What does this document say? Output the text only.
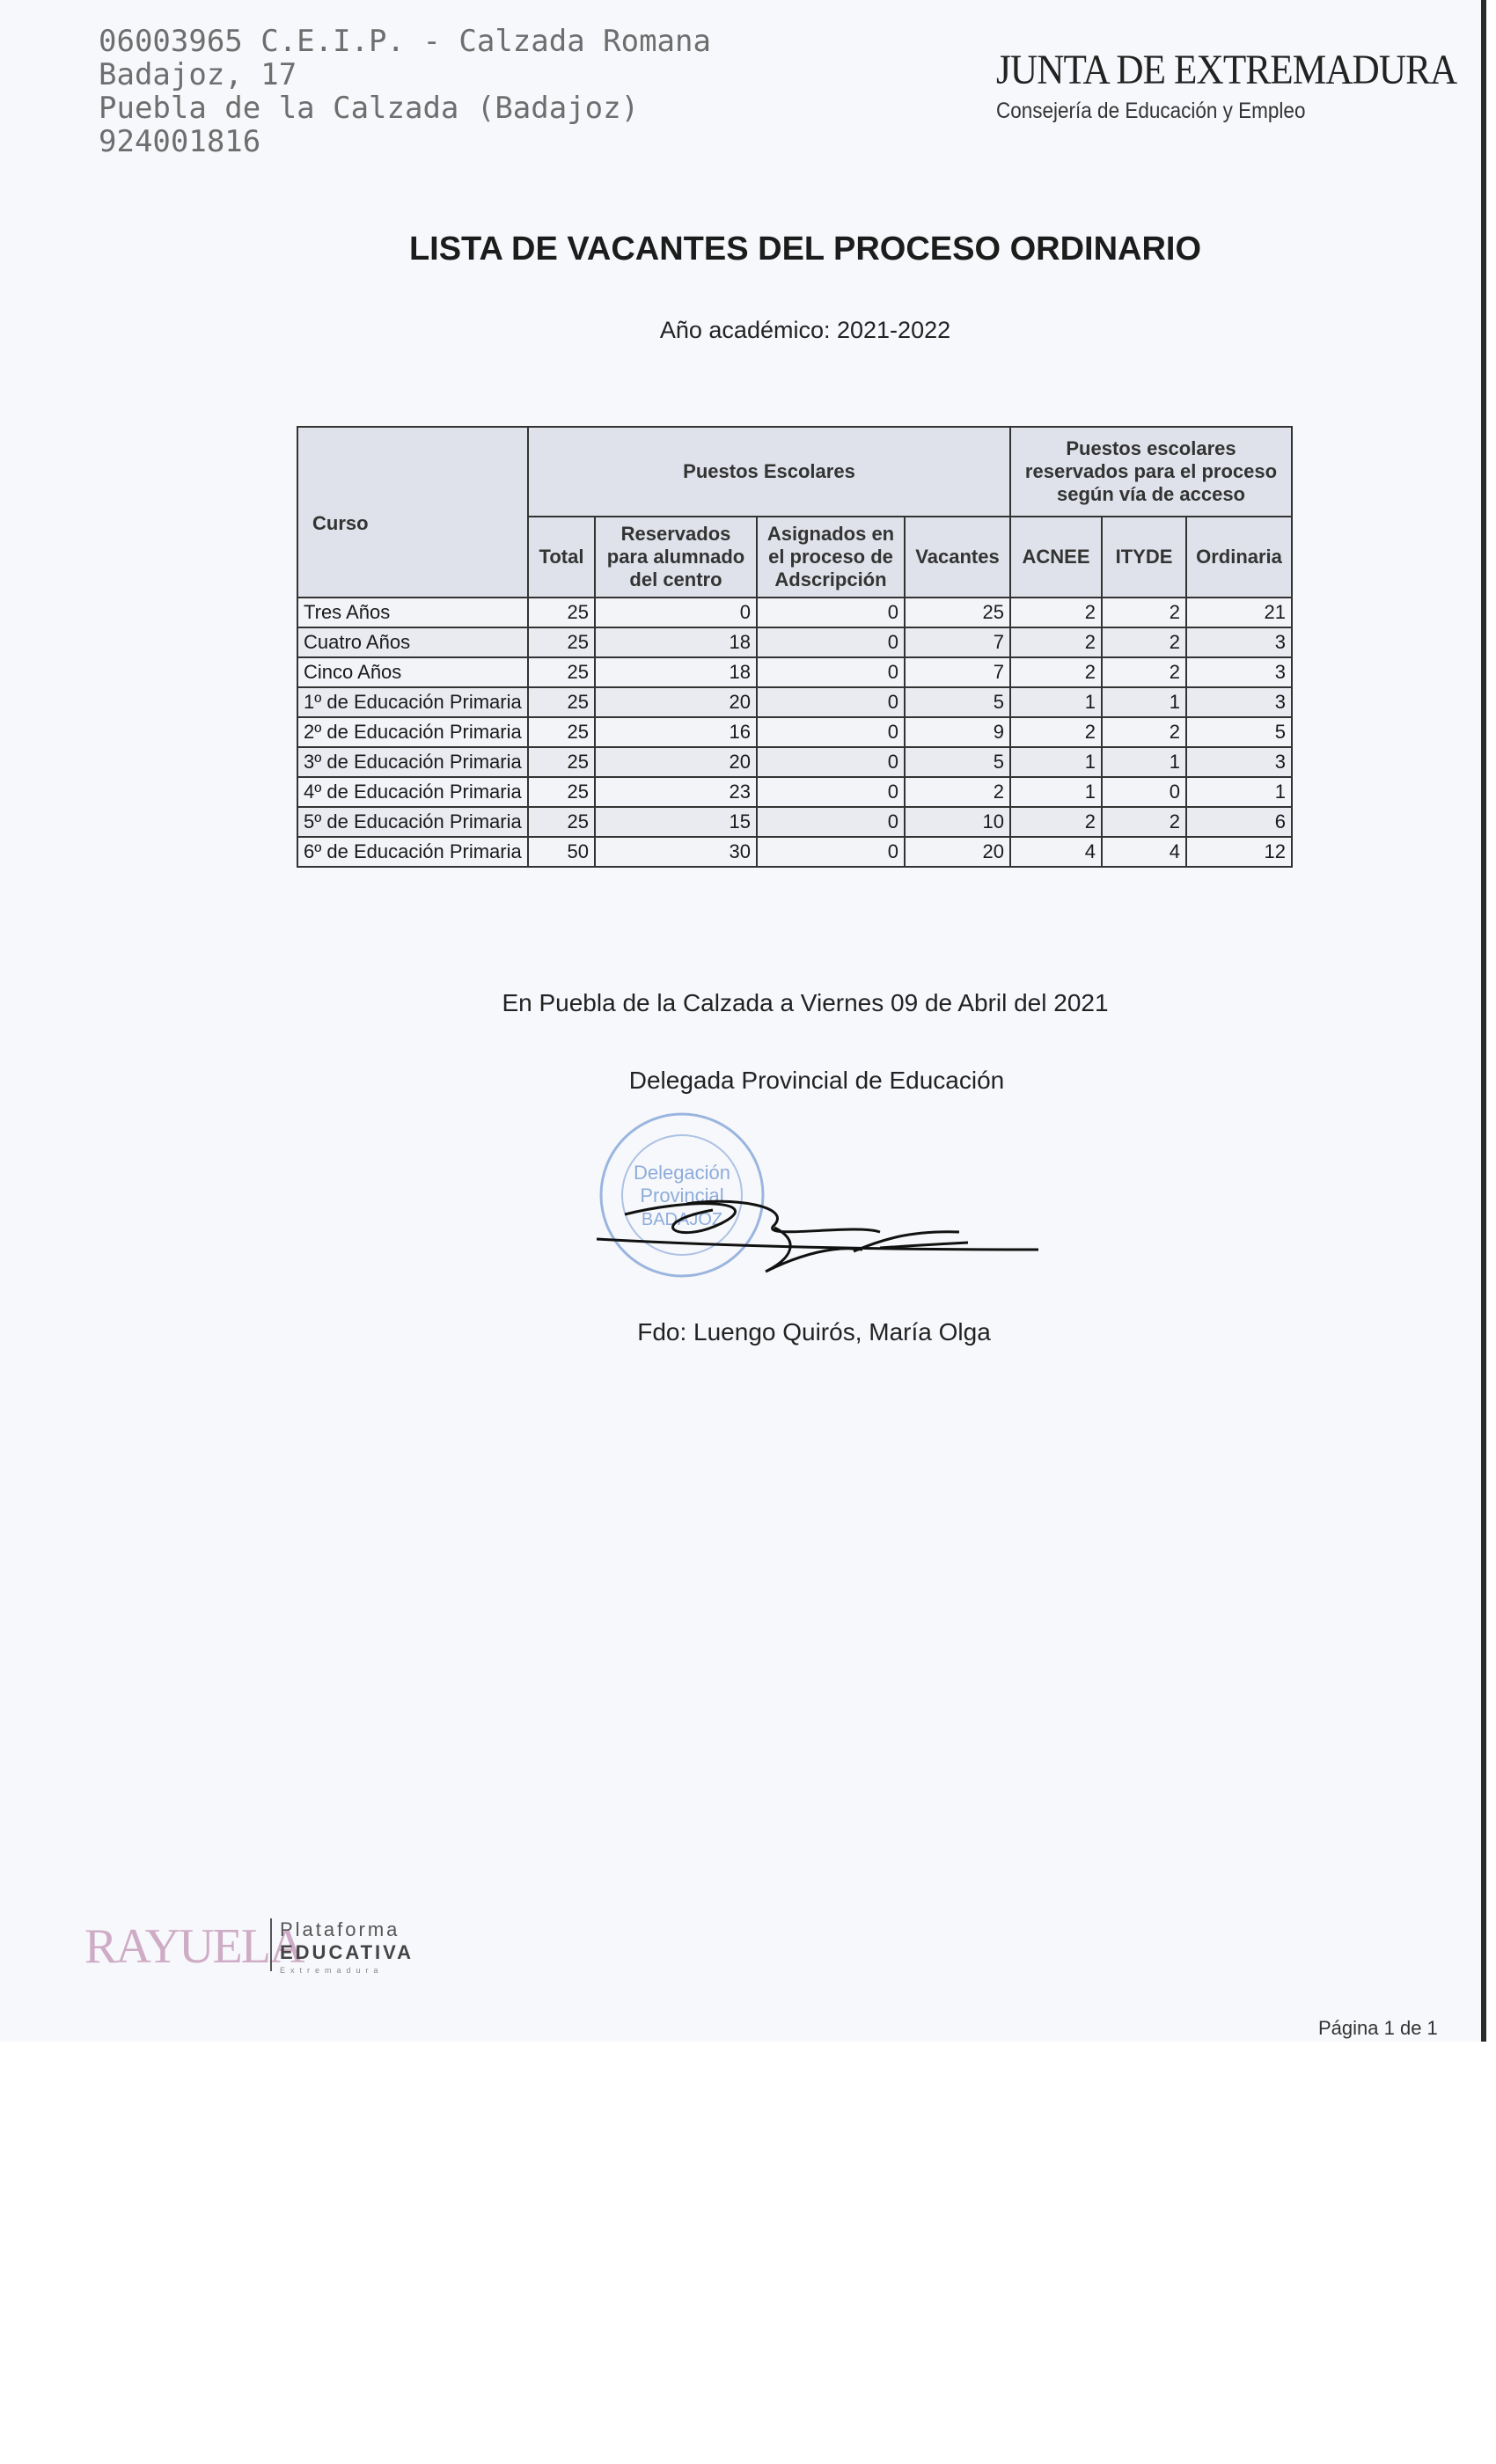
06003965 C.E.I.P. - Calzada Romana
Badajoz, 17
Puebla de la Calzada (Badajoz)
924001816
JUNTA DE EXTREMADURA
Consejería de Educación y Empleo
LISTA DE VACANTES DEL PROCESO ORDINARIO
Año académico: 2021-2022
Curso	Puestos Escolares				Puestos escolares reservados para el proceso según vía de acceso		
	Total	Reservados para alumnado del centro	Asignados en el proceso de Adscripción	Vacantes	ACNEE	ITYDE	Ordinaria
Tres Años	25	0	0	25	2	2	21
Cuatro Años	25	18	0	7	2	2	3
Cinco Años	25	18	0	7	2	2	3
1º de Educación Primaria	25	20	0	5	1	1	3
2º de Educación Primaria	25	16	0	9	2	2	5
3º de Educación Primaria	25	20	0	5	1	1	3
4º de Educación Primaria	25	23	0	2	1	0	1
5º de Educación Primaria	25	15	0	10	2	2	6
6º de Educación Primaria	50	30	0	20	4	4	12
En Puebla de la Calzada a Viernes 09 de Abril del 2021
Delegada Provincial de Educación
Delegación
Provincial
BADAJOZ
Fdo: Luengo Quirós, María Olga
RAYUELA
Plataforma
EDUCATIVA
Extremadura
Página 1 de 1
